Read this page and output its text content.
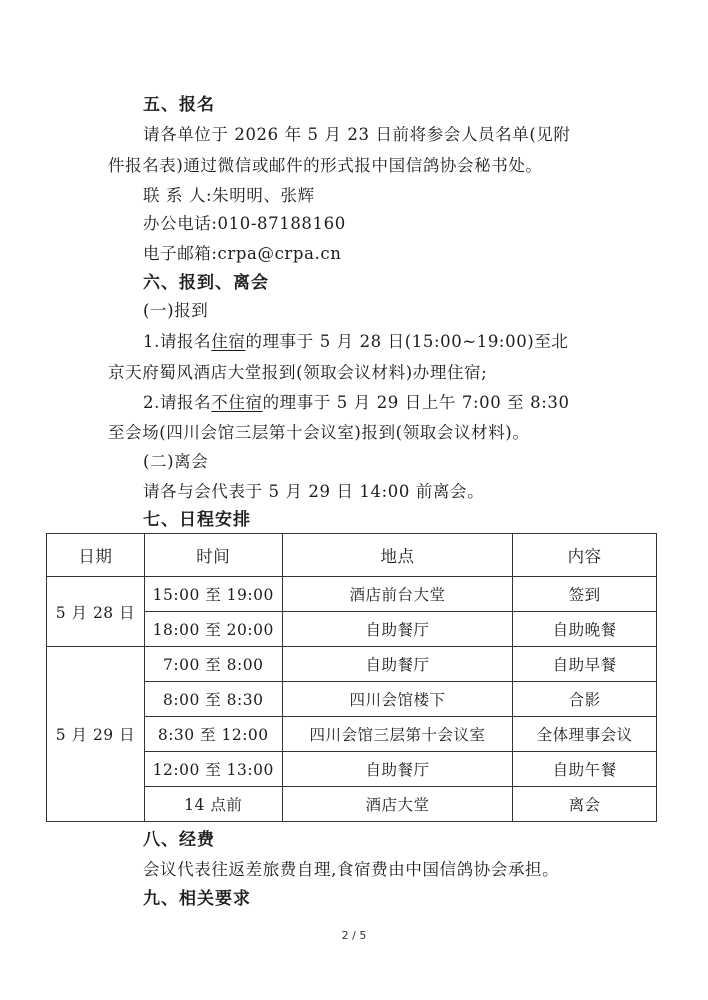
五、报名
请各单位于 2026 年 5 月 23 日前将参会人员名单(见附
件报名表)通过微信或邮件的形式报中国信鸽协会秘书处。
联 系 人:朱明明、张辉
办公电话:010-87188160
电子邮箱:crpa@crpa.cn
六、报到、离会
(一)报到
1.请报名住宿的理事于 5 月 28 日(15:00~19:00)至北
京天府蜀风酒店大堂报到(领取会议材料)办理住宿;
2.请报名不住宿的理事于 5 月 29 日上午 7:00 至 8:30
至会场(四川会馆三层第十会议室)报到(领取会议材料)。
(二)离会
请各与会代表于 5 月 29 日 14:00 前离会。
七、日程安排
日期	时间	地点	内容
5 月 28 日	15:00 至 19:00	酒店前台大堂	签到
	18:00 至 20:00	自助餐厅	自助晚餐
5 月 29 日	7:00 至 8:00	自助餐厅	自助早餐
	8:00 至 8:30	四川会馆楼下	合影
	8:30 至 12:00	四川会馆三层第十会议室	全体理事会议
	12:00 至 13:00	自助餐厅	自助午餐
	14 点前	酒店大堂	离会
八、经费
会议代表往返差旅费自理,食宿费由中国信鸽协会承担。
九、相关要求
2 / 5
